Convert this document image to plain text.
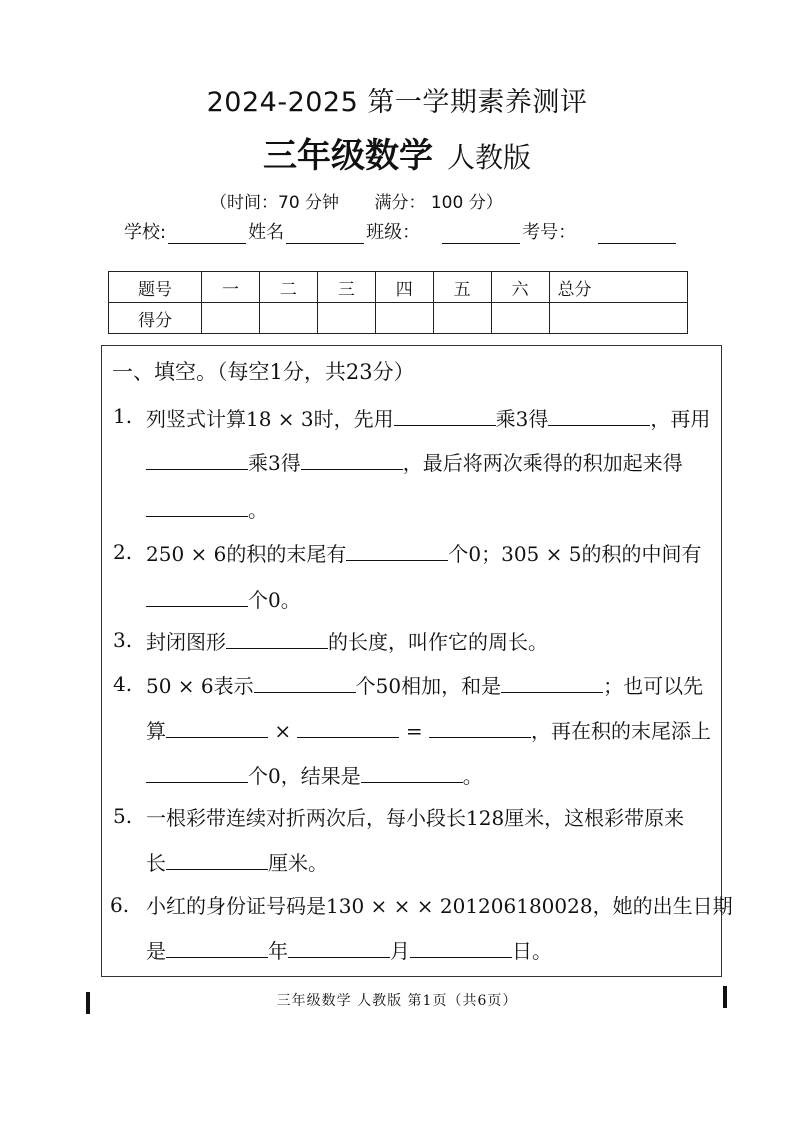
2024-2025 第一学期素养测评
三年级数学 人教版
（时间：70 分钟 满分： 100 分）
学校:	姓名	班级：	考号：
题号	一	二	三	四	五	六	总分
得分							
一、填空。（每空1分，共23分）
1. 列竖式计算18 × 3时，先用	乘3得	，再用
乘3得	，最后将两次乘得的积加起来得
。
2. 250 × 6的积的末尾有	个0；305 × 5的积的中间有
个0。
3. 封闭图形	的长度，叫作它的周长。
4. 50 × 6表示	个50相加，和是	；也可以先
算	×	=	，再在积的末尾添上
个0，结果是	。
5. 一根彩带连续对折两次后，每小段长128厘米，这根彩带原来
长	厘米。
6. 小红的身份证号码是130 × × × 201206180028，她的出生日期
是	年	月	日。
三年级数学 人教版 第1页（共6页）
